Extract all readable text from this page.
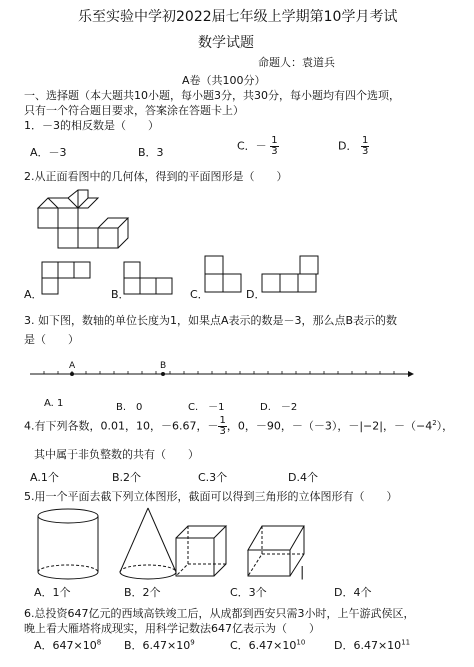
乐至实验中学初2022届七年级上学期第10学月考试
数学试题
命题人：袁道兵
A卷（共100分）
一、选择题（本大题共10小题，每小题3分，共30分，每小题均有四个选项，
只有一个符合题目要求，答案涂在答题卡上）
1．－3的相反数是（　　）
A．－3	B．3	C．－ $\frac{1}{3}$	D． $\frac{1}{3}$
2.从正面看图中的几何体，得到的平面图形是（　　）
A．	B．	C．	D．
3. 如下图，数轴的单位长度为1，如果点A表示的数是－3，那么点B表示的数
是（　　）
A	B
A. 1	B.　0	C.　－1	D.　－2
4.有下列各数，0.01，10，－6.67，－ $\frac{1}{3}$ ，0，－90，－（－3），－|−2|，$-(-4^2)$，
其中属于非负整数的共有（　　）
A.1个	B.2个	C.3个	D.4个
5.用一个平面去截下列立体图形，截面可以得到三角形的立体图形有（　　）
|
A．1个	B．2个	C．3个	D．4个
6.总投资647亿元的西域高铁竣工后，从成都到西安只需3小时，上午游武侯区，
晚上看大雁塔将成现实，用科学记数法647亿表示为（　　）
A．$647\times 10^8$ B．$6.47\times 10^9$	C．$6.47\times 10^{10}$	D．$6.47\times 10^{11}$
